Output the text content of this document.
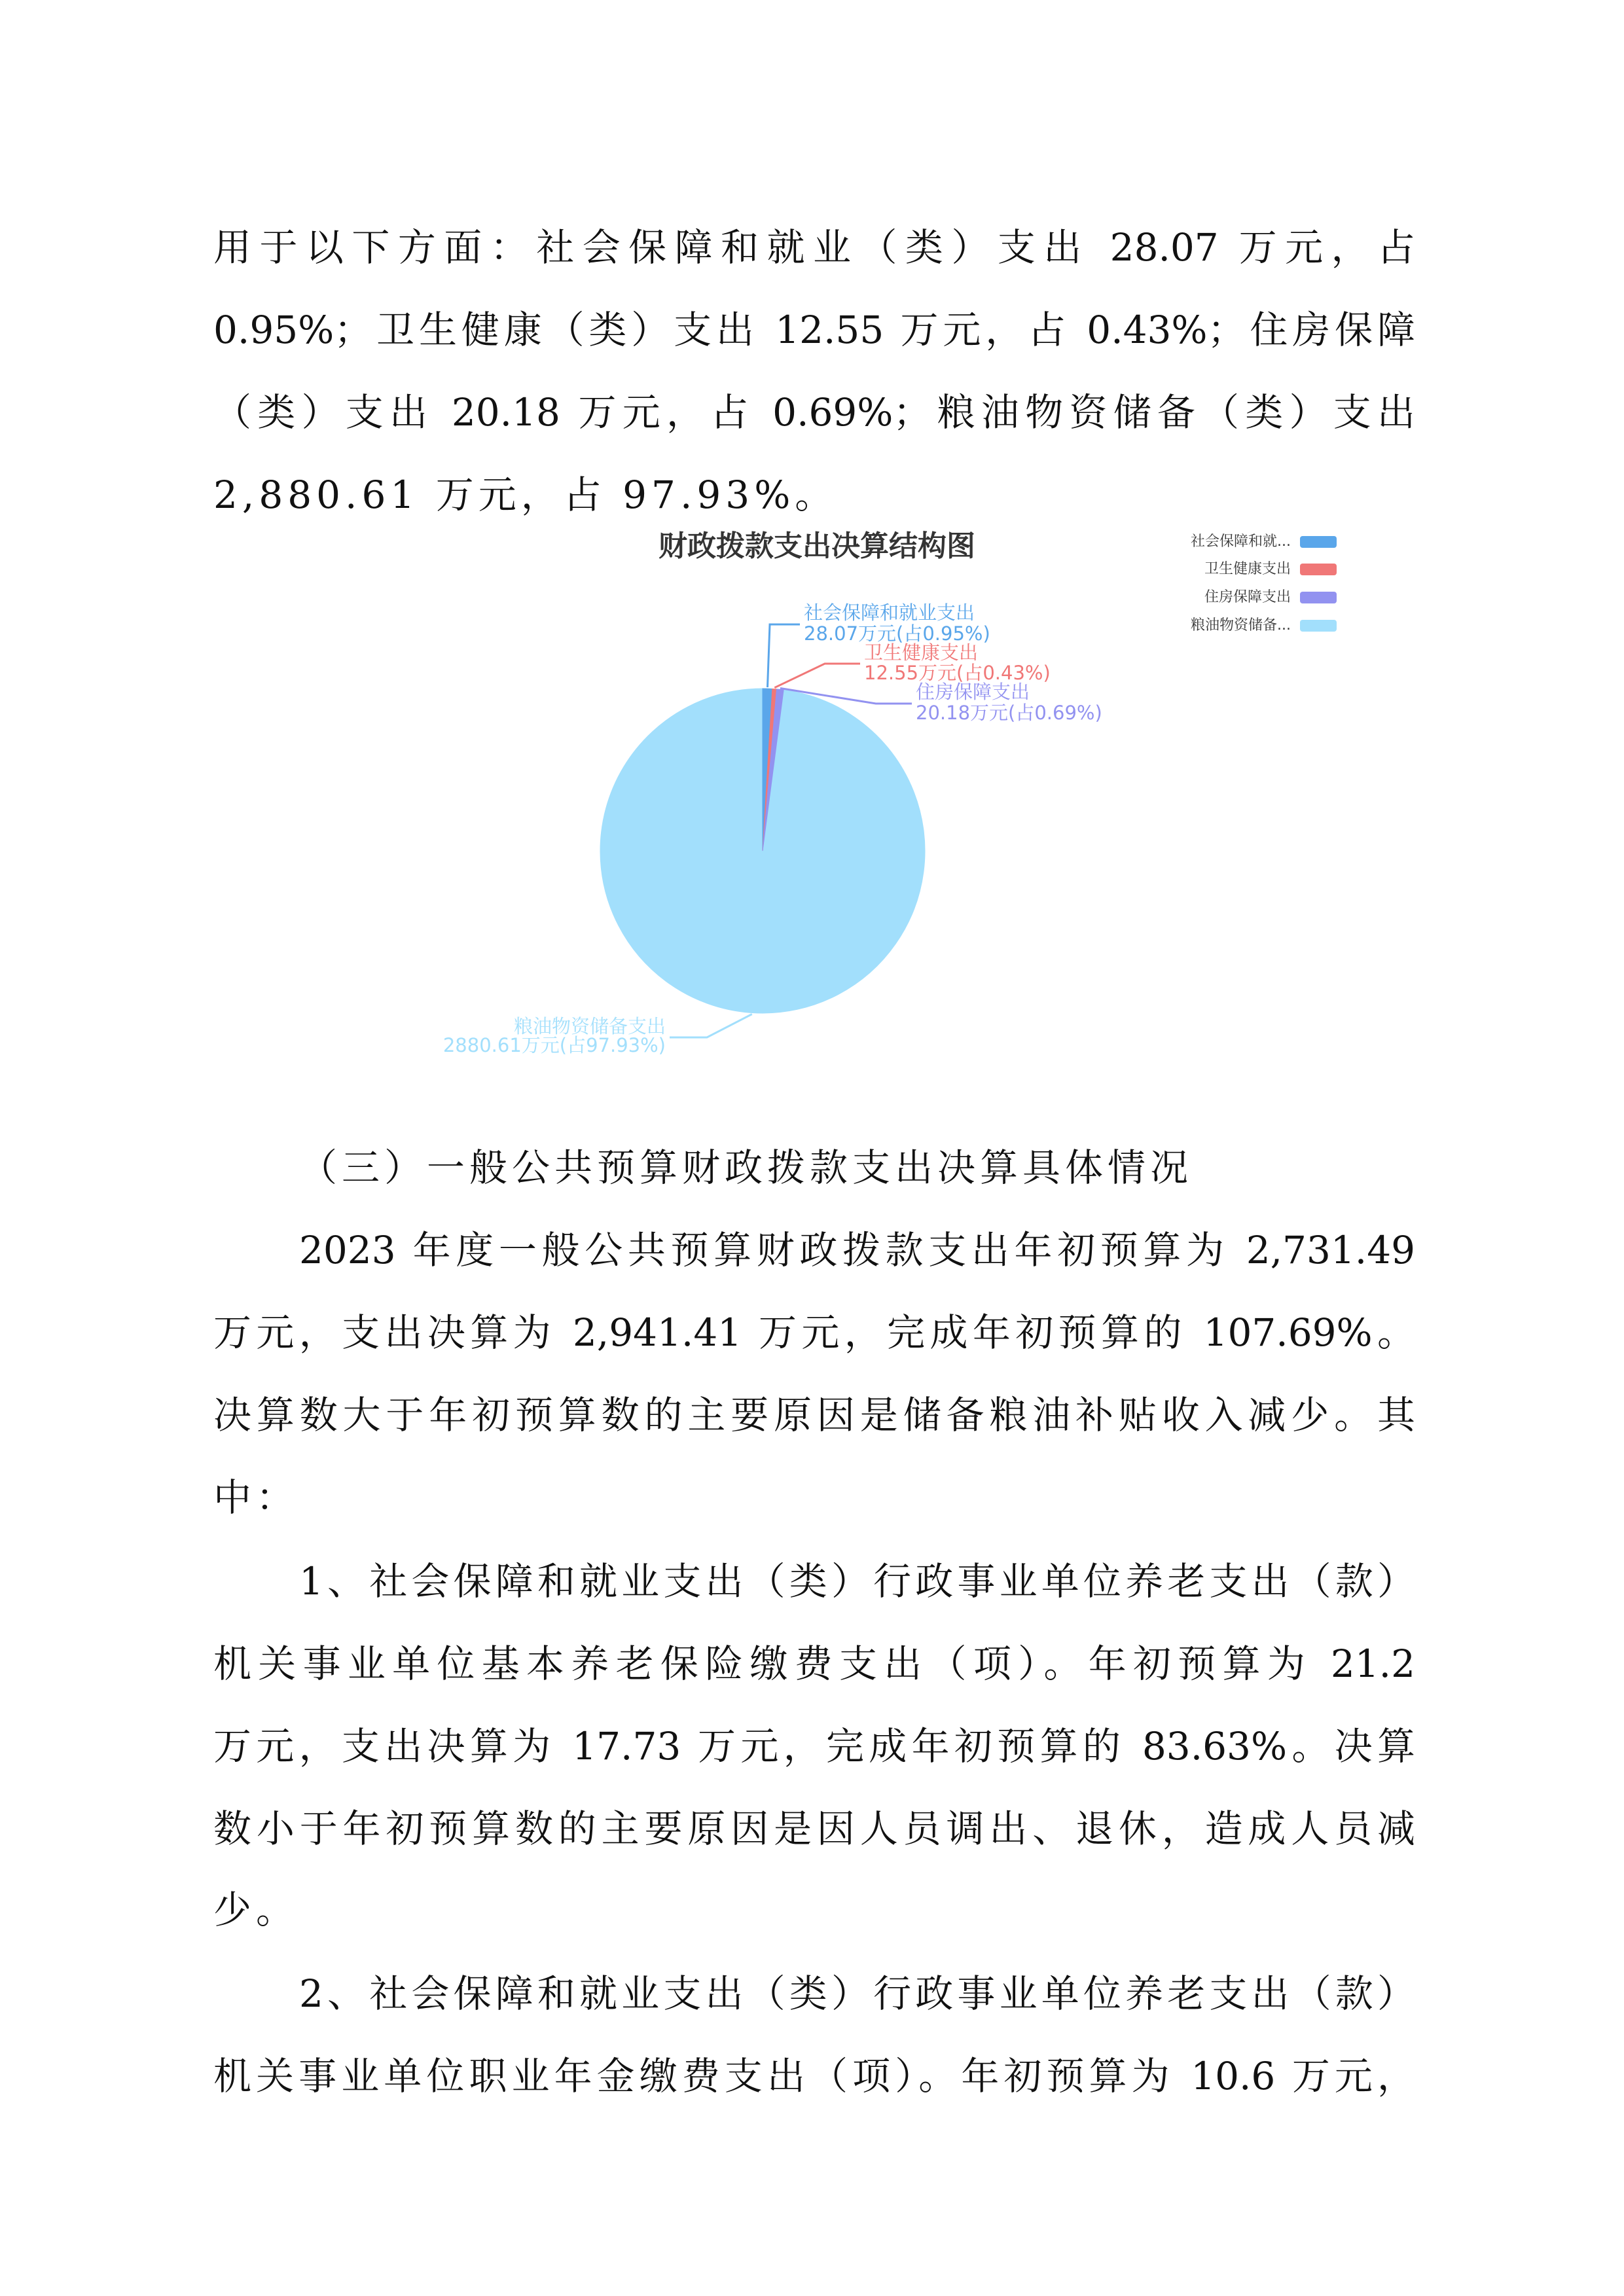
用于以下方面：社会保障和就业（类）支出 28.07 万元，占
0.95%；卫生健康（类）支出 12.55 万元，占 0.43%；住房保障
（类）支出 20.18 万元，占 0.69%；粮油物资储备（类）支出
2,880.61 万元，占 97.93%。
财政拨款支出决算结构图	社会保障和就...
卫生健康支出
住房保障支出
粮油物资储备...
社会保障和就业支出
28.07万元(占0.95%)
卫生健康支出
12.55万元(占0.43%)
住房保障支出
20.18万元(占0.69%)
粮油物资储备支出
2880.61万元(占97.93%)
（三）一般公共预算财政拨款支出决算具体情况
2023 年度一般公共预算财政拨款支出年初预算为 2,731.49
万元，支出决算为 2,941.41 万元，完成年初预算的 107.69%。
决算数大于年初预算数的主要原因是储备粮油补贴收入减少。其
中：
1、社会保障和就业支出（类）行政事业单位养老支出（款）
机关事业单位基本养老保险缴费支出（项）。年初预算为 21.2
万元，支出决算为 17.73 万元，完成年初预算的 83.63%。决算
数小于年初预算数的主要原因是因人员调出、退休，造成人员减
少。
2、社会保障和就业支出（类）行政事业单位养老支出（款）
机关事业单位职业年金缴费支出（项）。年初预算为 10.6 万元，
